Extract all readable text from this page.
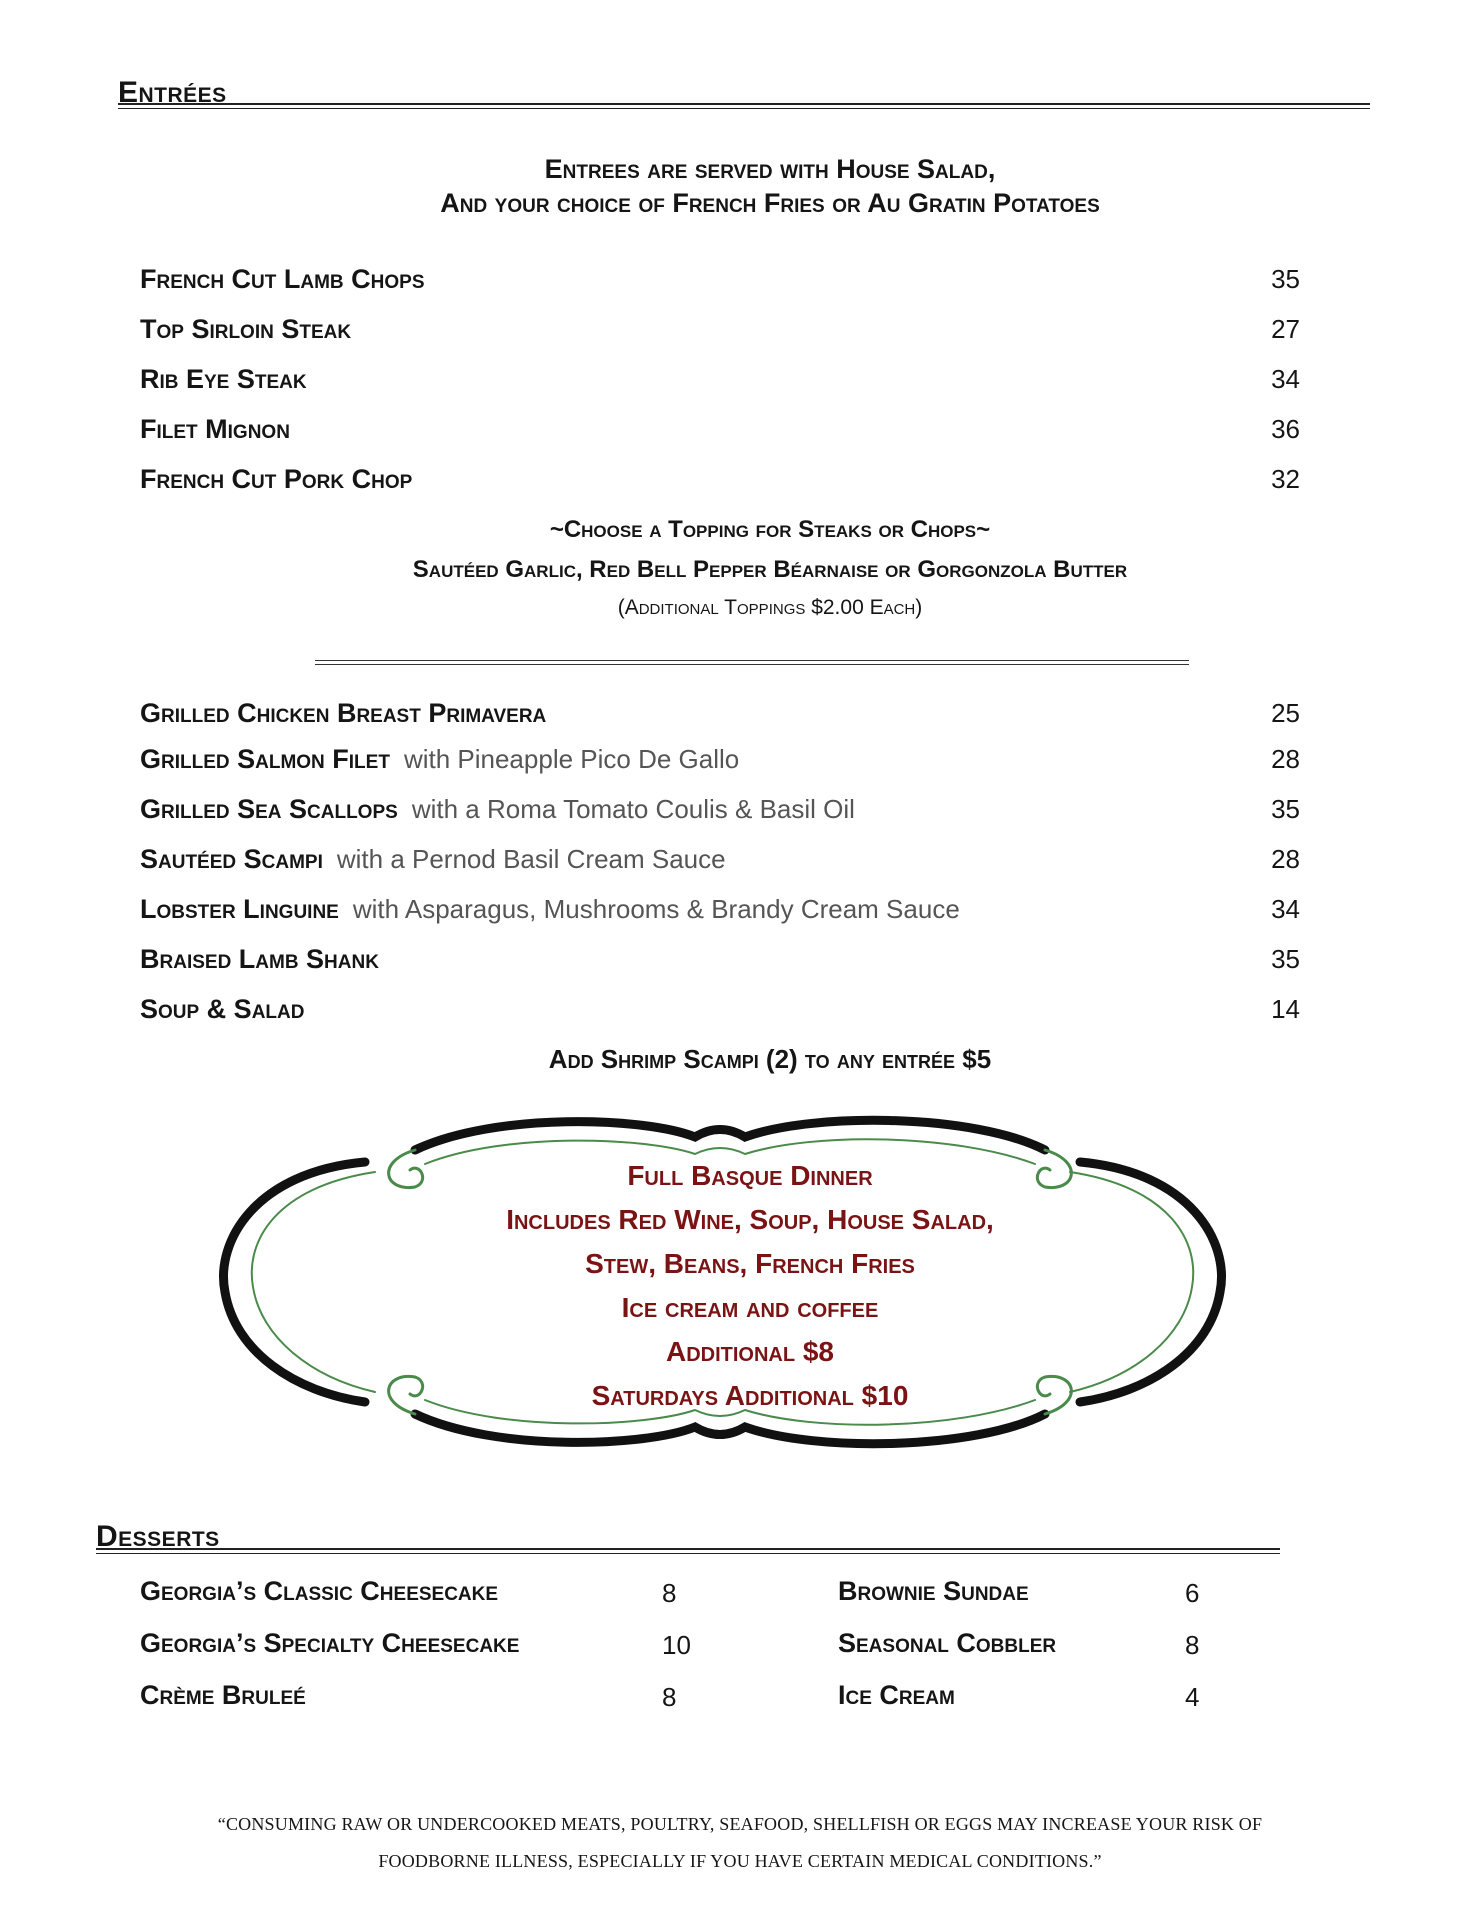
Entrées
Entrees are served with House Salad,
And your choice of French Fries or Au Gratin Potatoes
French Cut Lamb Chops	35
Top Sirloin Steak	27
Rib Eye Steak	34
Filet Mignon	36
French Cut Pork Chop	32
~Choose a Topping for Steaks or Chops~
Sautéed Garlic, Red Bell Pepper Béarnaise or Gorgonzola Butter
(Additional Toppings $2.00 Each)
Grilled Chicken Breast Primavera	25
Grilled Salmon Filet with Pineapple Pico De Gallo	28
Grilled Sea Scallops with a Roma Tomato Coulis & Basil Oil	35
Sautéed Scampi with a Pernod Basil Cream Sauce	28
Lobster Linguine with Asparagus, Mushrooms & Brandy Cream Sauce	34
Braised Lamb Shank	35
Soup & Salad	14
Add Shrimp Scampi (2) to any entrée $5
Full Basque Dinner
Includes Red Wine, Soup, House Salad,
Stew, Beans, French Fries
Ice cream and coffee
Additional $8
Saturdays Additional $10
Desserts
Georgia’s Classic Cheesecake	8
Georgia’s Specialty Cheesecake	10
Crème Bruleé	8
Brownie Sundae	6
Seasonal Cobbler	8
Ice Cream	4
“CONSUMING RAW OR UNDERCOOKED MEATS, POULTRY, SEAFOOD, SHELLFISH OR EGGS MAY INCREASE YOUR RISK OF
FOODBORNE ILLNESS, ESPECIALLY IF YOU HAVE CERTAIN MEDICAL CONDITIONS.”
